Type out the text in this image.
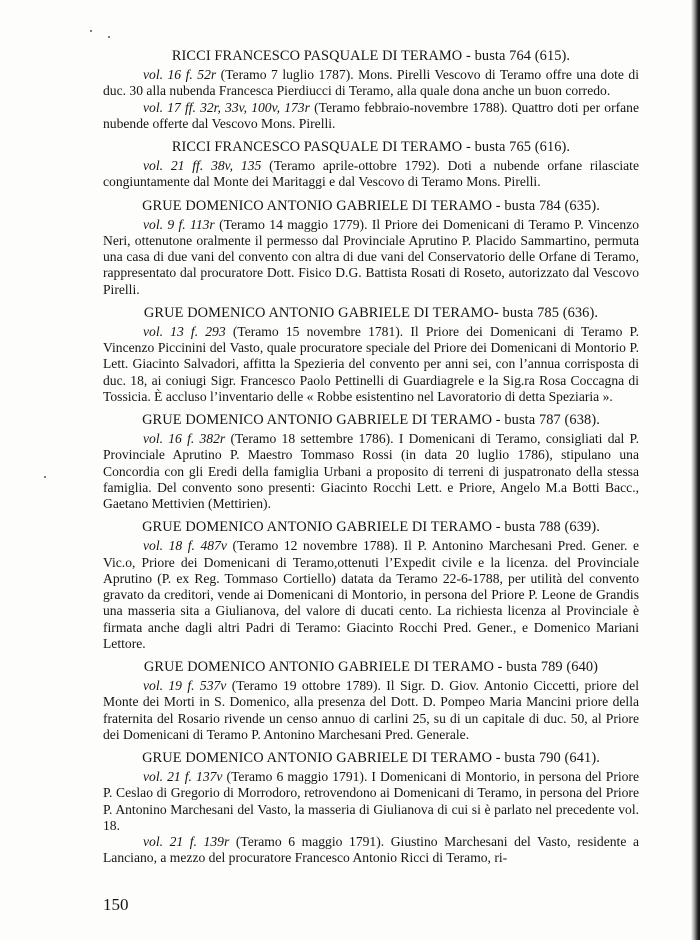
RICCI FRANCESCO PASQUALE DI TERAMO - busta 764 (615).

vol. 16 f. 52r (Teramo 7 luglio 1787). Mons. Pirelli Vescovo di Teramo offre una dote di duc. 30 alla nubenda Francesca Pierdiucci di Teramo, alla quale dona anche un buon corredo.

vol. 17 ff. 32r, 33v, 100v, 173r (Teramo febbraio-novembre 1788). Quattro doti per orfane nubende offerte dal Vescovo Mons. Pirelli.

RICCI FRANCESCO PASQUALE DI TERAMO - busta 765 (616).

vol. 21 ff. 38v, 135 (Teramo aprile-ottobre 1792). Doti a nubende orfane rilasciate congiuntamente dal Monte dei Maritaggi e dal Vescovo di Teramo Mons. Pirelli.

GRUE DOMENICO ANTONIO GABRIELE DI TERAMO - busta 784 (635).

vol. 9 f. 113r (Teramo 14 maggio 1779). Il Priore dei Domenicani di Teramo P. Vincenzo Neri, ottenutone oralmente il permesso dal Provinciale Aprutino P. Placido Sammartino, permuta una casa di due vani del convento con altra di due vani del Conservatorio delle Orfane di Teramo, rappresentato dal procuratore Dott. Fisico D.G. Battista Rosati di Roseto, autorizzato dal Vescovo Pirelli.

GRUE DOMENICO ANTONIO GABRIELE DI TERAMO- busta 785 (636).

vol. 13 f. 293 (Teramo 15 novembre 1781). Il Priore dei Domenicani di Teramo P. Vincenzo Piccinini del Vasto, quale procuratore speciale del Priore dei Domenicani di Montorio P. Lett. Giacinto Salvadori, affitta la Spezieria del convento per anni sei, con l’annua corrisposta di duc. 18, ai coniugi Sigr. Francesco Paolo Pettinelli di Guardiagrele e la Sig.ra Rosa Coccagna di Tossicia. È accluso l’inventario delle « Robbe esistentino nel Lavoratorio di detta Speziaria ».

GRUE DOMENICO ANTONIO GABRIELE DI TERAMO - busta 787 (638).

vol. 16 f. 382r (Teramo 18 settembre 1786). I Domenicani di Teramo, consigliati dal P. Provinciale Aprutino P. Maestro Tommaso Rossi (in data 20 luglio 1786), stipulano una Concordia con gli Eredi della famiglia Urbani a proposito di terreni di juspatronato della stessa famiglia. Del convento sono presenti: Giacinto Rocchi Lett. e Priore, Angelo M.a Botti Bacc., Gaetano Mettivien (Mettirien).

GRUE DOMENICO ANTONIO GABRIELE DI TERAMO - busta 788 (639).

vol. 18 f. 487v (Teramo 12 novembre 1788). Il P. Antonino Marchesani Pred. Gener. e Vic.o, Priore dei Domenicani di Teramo,ottenuti l’Expedit civile e la licenza. del Provinciale Aprutino (P. ex Reg. Tommaso Cortiello) datata da Teramo 22-6-1788, per utilità del convento gravato da creditori, vende ai Domenicani di Montorio, in persona del Priore P. Leone de Grandis una masseria sita a Giulianova, del valore di ducati cento. La richiesta licenza al Provinciale è firmata anche dagli altri Padri di Teramo: Giacinto Rocchi Pred. Gener., e Domenico Mariani Lettore.

GRUE DOMENICO ANTONIO GABRIELE DI TERAMO - busta 789 (640)

vol. 19 f. 537v (Teramo 19 ottobre 1789). Il Sigr. D. Giov. Antonio Ciccetti, priore del Monte dei Morti in S. Domenico, alla presenza del Dott. D. Pompeo Maria Mancini priore della fraternita del Rosario rivende un censo annuo di carlini 25, su di un capitale di duc. 50, al Priore dei Domenicani di Teramo P. Antonino Marchesani Pred. Generale.

GRUE DOMENICO ANTONIO GABRIELE DI TERAMO - busta 790 (641).

vol. 21 f. 137v (Teramo 6 maggio 1791). I Domenicani di Montorio, in persona del Priore P. Ceslao di Gregorio di Morrodoro, retrovendono ai Domenicani di Teramo, in persona del Priore P. Antonino Marchesani del Vasto, la masseria di Giulianova di cui si è parlato nel precedente vol. 18.

vol. 21 f. 139r (Teramo 6 maggio 1791). Giustino Marchesani del Vasto, residente a Lanciano, a mezzo del procuratore Francesco Antonio Ricci di Teramo, ri-

150
